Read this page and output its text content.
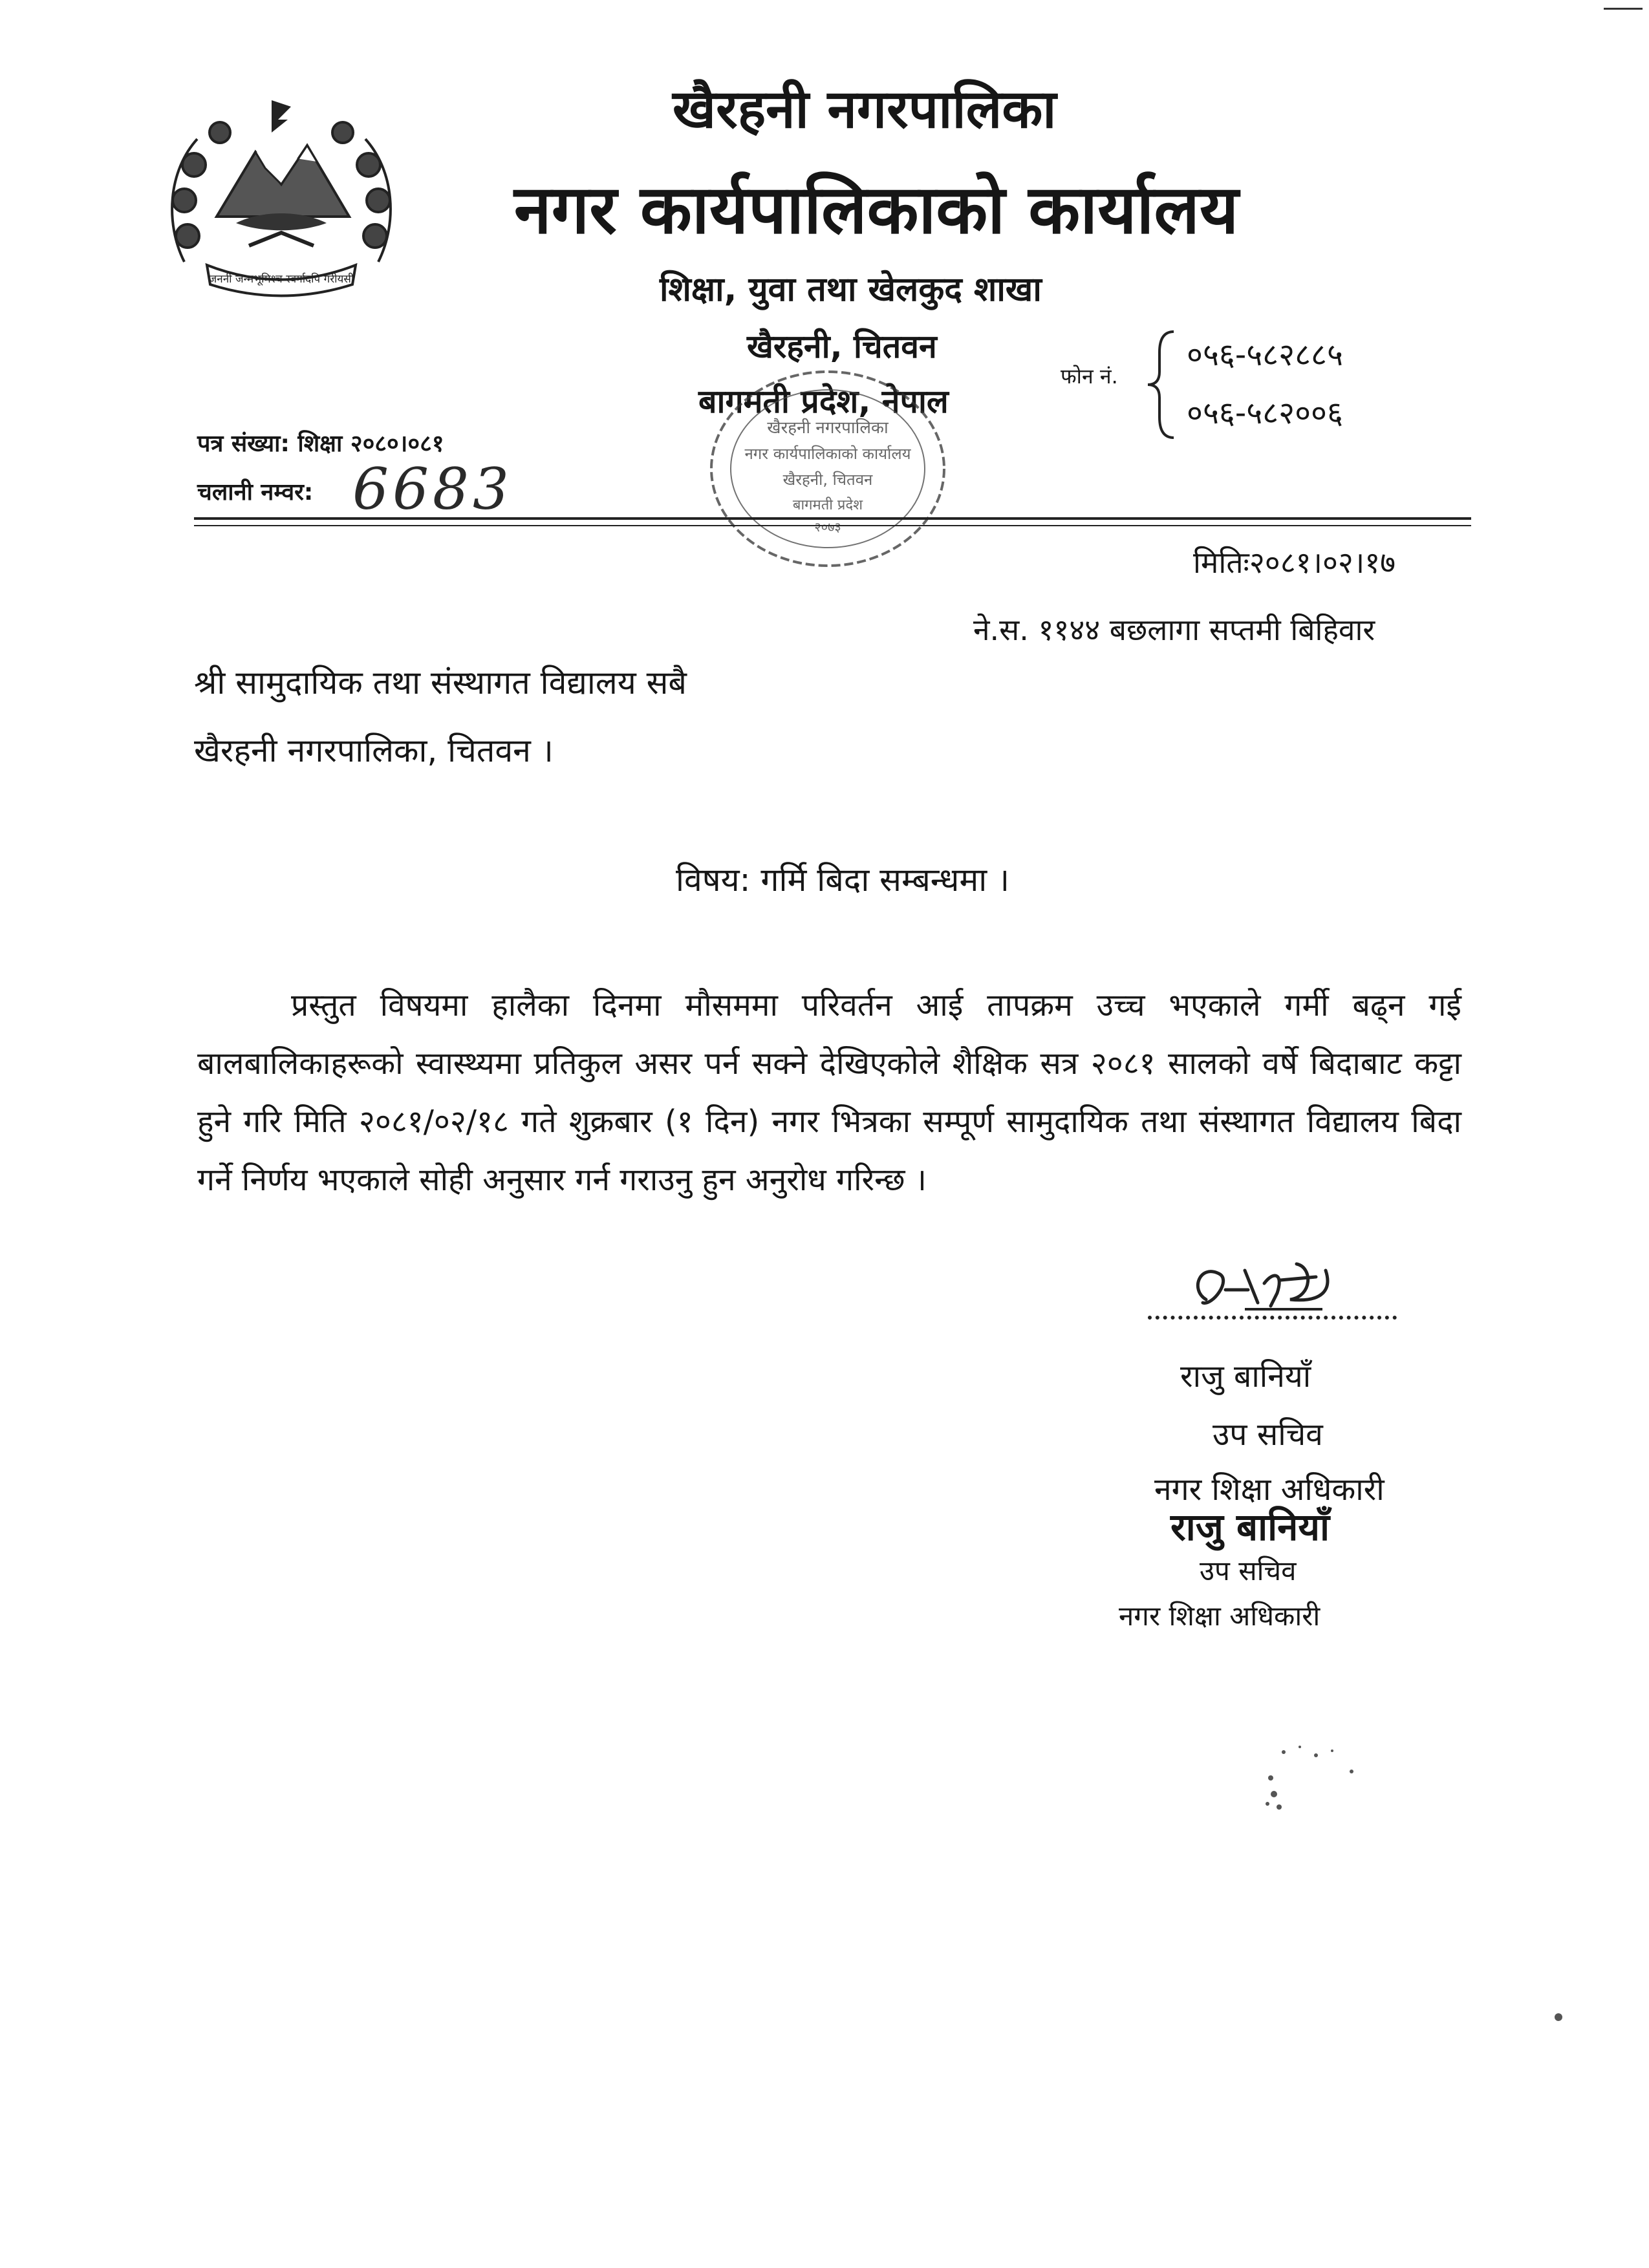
जननी जन्मभूमिश्च स्वर्गादपि गरीयसी
खैरहनी नगरपालिका
नगर कार्यपालिकाको कार्यालय
शिक्षा, युवा तथा खेलकुद शाखा
खैरहनी, चितवन
बागमती प्रदेश, नेपाल
फोन नं.
०५६-५८२८८५
०५६-५८२००६
खैरहनी नगरपालिका
नगर कार्यपालिकाको कार्यालय
खैरहनी, चितवन
बागमती प्रदेश
२०७३
पत्र संख्या: शिक्षा २०८०।०८१
चलानी नम्वर: 6683
मितिः२०८१।०२।१७
ने.स. ११४४ बछलागा सप्तमी बिहिवार
श्री सामुदायिक तथा संस्थागत विद्यालय सबै
खैरहनी नगरपालिका, चितवन ।
विषय: गर्मि बिदा सम्बन्धमा ।
प्रस्तुत विषयमा हालैका दिनमा मौसममा परिवर्तन आई तापक्रम उच्च भएकाले गर्मी बढ्न गई बालबालिकाहरूको स्वास्थ्यमा प्रतिकुल असर पर्न सक्ने देखिएकोले शैक्षिक सत्र २०८१ सालको वर्षे बिदाबाट कट्टा हुने गरि मिति २०८१/०२/१८ गते शुक्रबार (१ दिन) नगर भित्रका सम्पूर्ण सामुदायिक तथा संस्थागत विद्यालय बिदा गर्ने निर्णय भएकाले सोही अनुसार गर्न गराउनु हुन अनुरोध गरिन्छ ।
राजु बानियाँ
उप सचिव
नगर शिक्षा अधिकारी
राजु बानियाँ
उप सचिव
नगर शिक्षा अधिकारी
